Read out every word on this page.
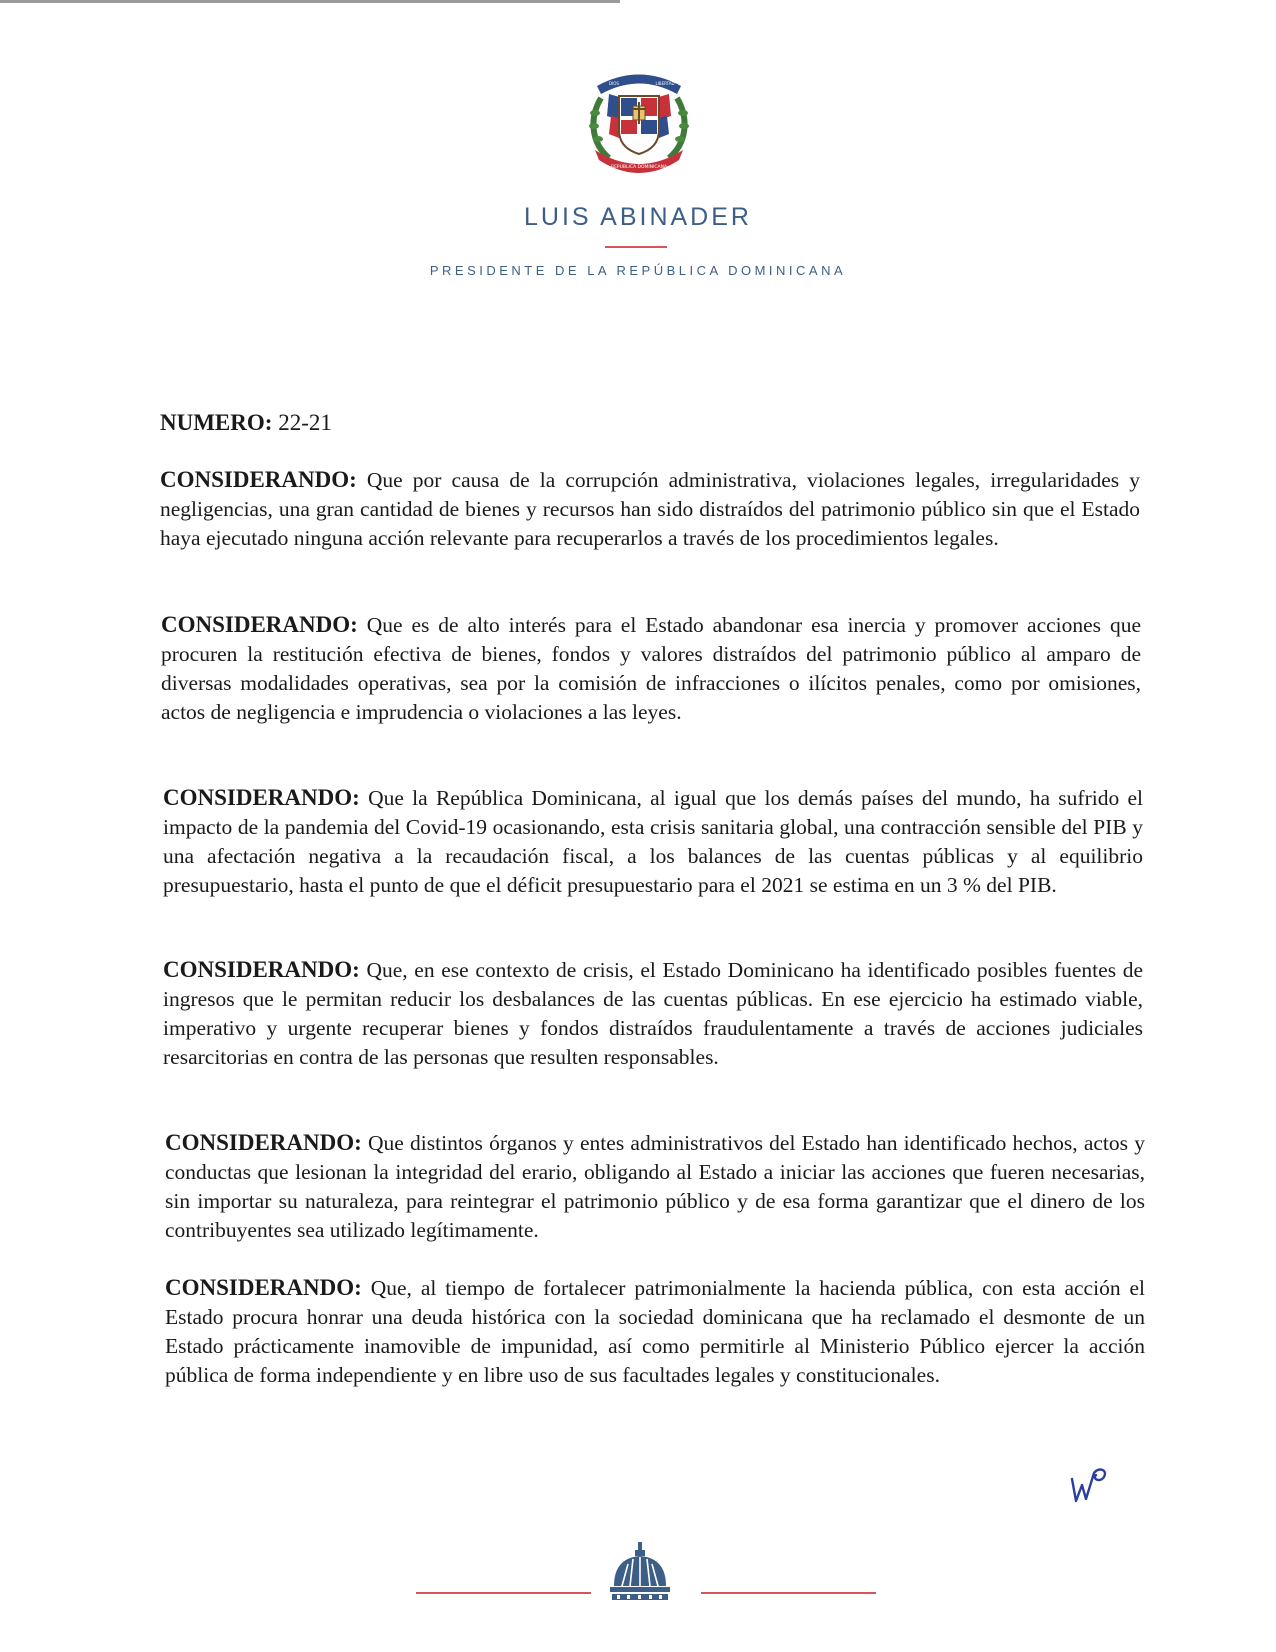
PATRIA
DIOS	LIBERTAD
REPÚBLICA DOMINICANA
LUIS ABINADER
PRESIDENTE DE LA REPÚBLICA DOMINICANA
NUMERO: 22-21

CONSIDERANDO: Que por causa de la corrupción administrativa, violaciones legales, irregularidades y negligencias, una gran cantidad de bienes y recursos han sido distraídos del patrimonio público sin que el Estado haya ejecutado ninguna acción relevante para recuperarlos a través de los procedimientos legales.

CONSIDERANDO: Que es de alto interés para el Estado abandonar esa inercia y promover acciones que procuren la restitución efectiva de bienes, fondos y valores distraídos del patrimonio público al amparo de diversas modalidades operativas, sea por la comisión de infracciones o ilícitos penales, como por omisiones, actos de negligencia e imprudencia o violaciones a las leyes.

CONSIDERANDO: Que la República Dominicana, al igual que los demás países del mundo, ha sufrido el impacto de la pandemia del Covid-19 ocasionando, esta crisis sanitaria global, una contracción sensible del PIB y una afectación negativa a la recaudación fiscal, a los balances de las cuentas públicas y al equilibrio presupuestario, hasta el punto de que el déficit presupuestario para el 2021 se estima en un 3 % del PIB.

CONSIDERANDO: Que, en ese contexto de crisis, el Estado Dominicano ha identificado posibles fuentes de ingresos que le permitan reducir los desbalances de las cuentas públicas. En ese ejercicio ha estimado viable, imperativo y urgente recuperar bienes y fondos distraídos fraudulentamente a través de acciones judiciales resarcitorias en contra de las personas que resulten responsables.

CONSIDERANDO: Que distintos órganos y entes administrativos del Estado han identificado hechos, actos y conductas que lesionan la integridad del erario, obligando al Estado a iniciar las acciones que fueren necesarias, sin importar su naturaleza, para reintegrar el patrimonio público y de esa forma garantizar que el dinero de los contribuyentes sea utilizado legítimamente.

CONSIDERANDO: Que, al tiempo de fortalecer patrimonialmente la hacienda pública, con esta acción el Estado procura honrar una deuda histórica con la sociedad dominicana que ha reclamado el desmonte de un Estado prácticamente inamovible de impunidad, así como permitirle al Ministerio Público ejercer la acción pública de forma independiente y en libre uso de sus facultades legales y constitucionales.
